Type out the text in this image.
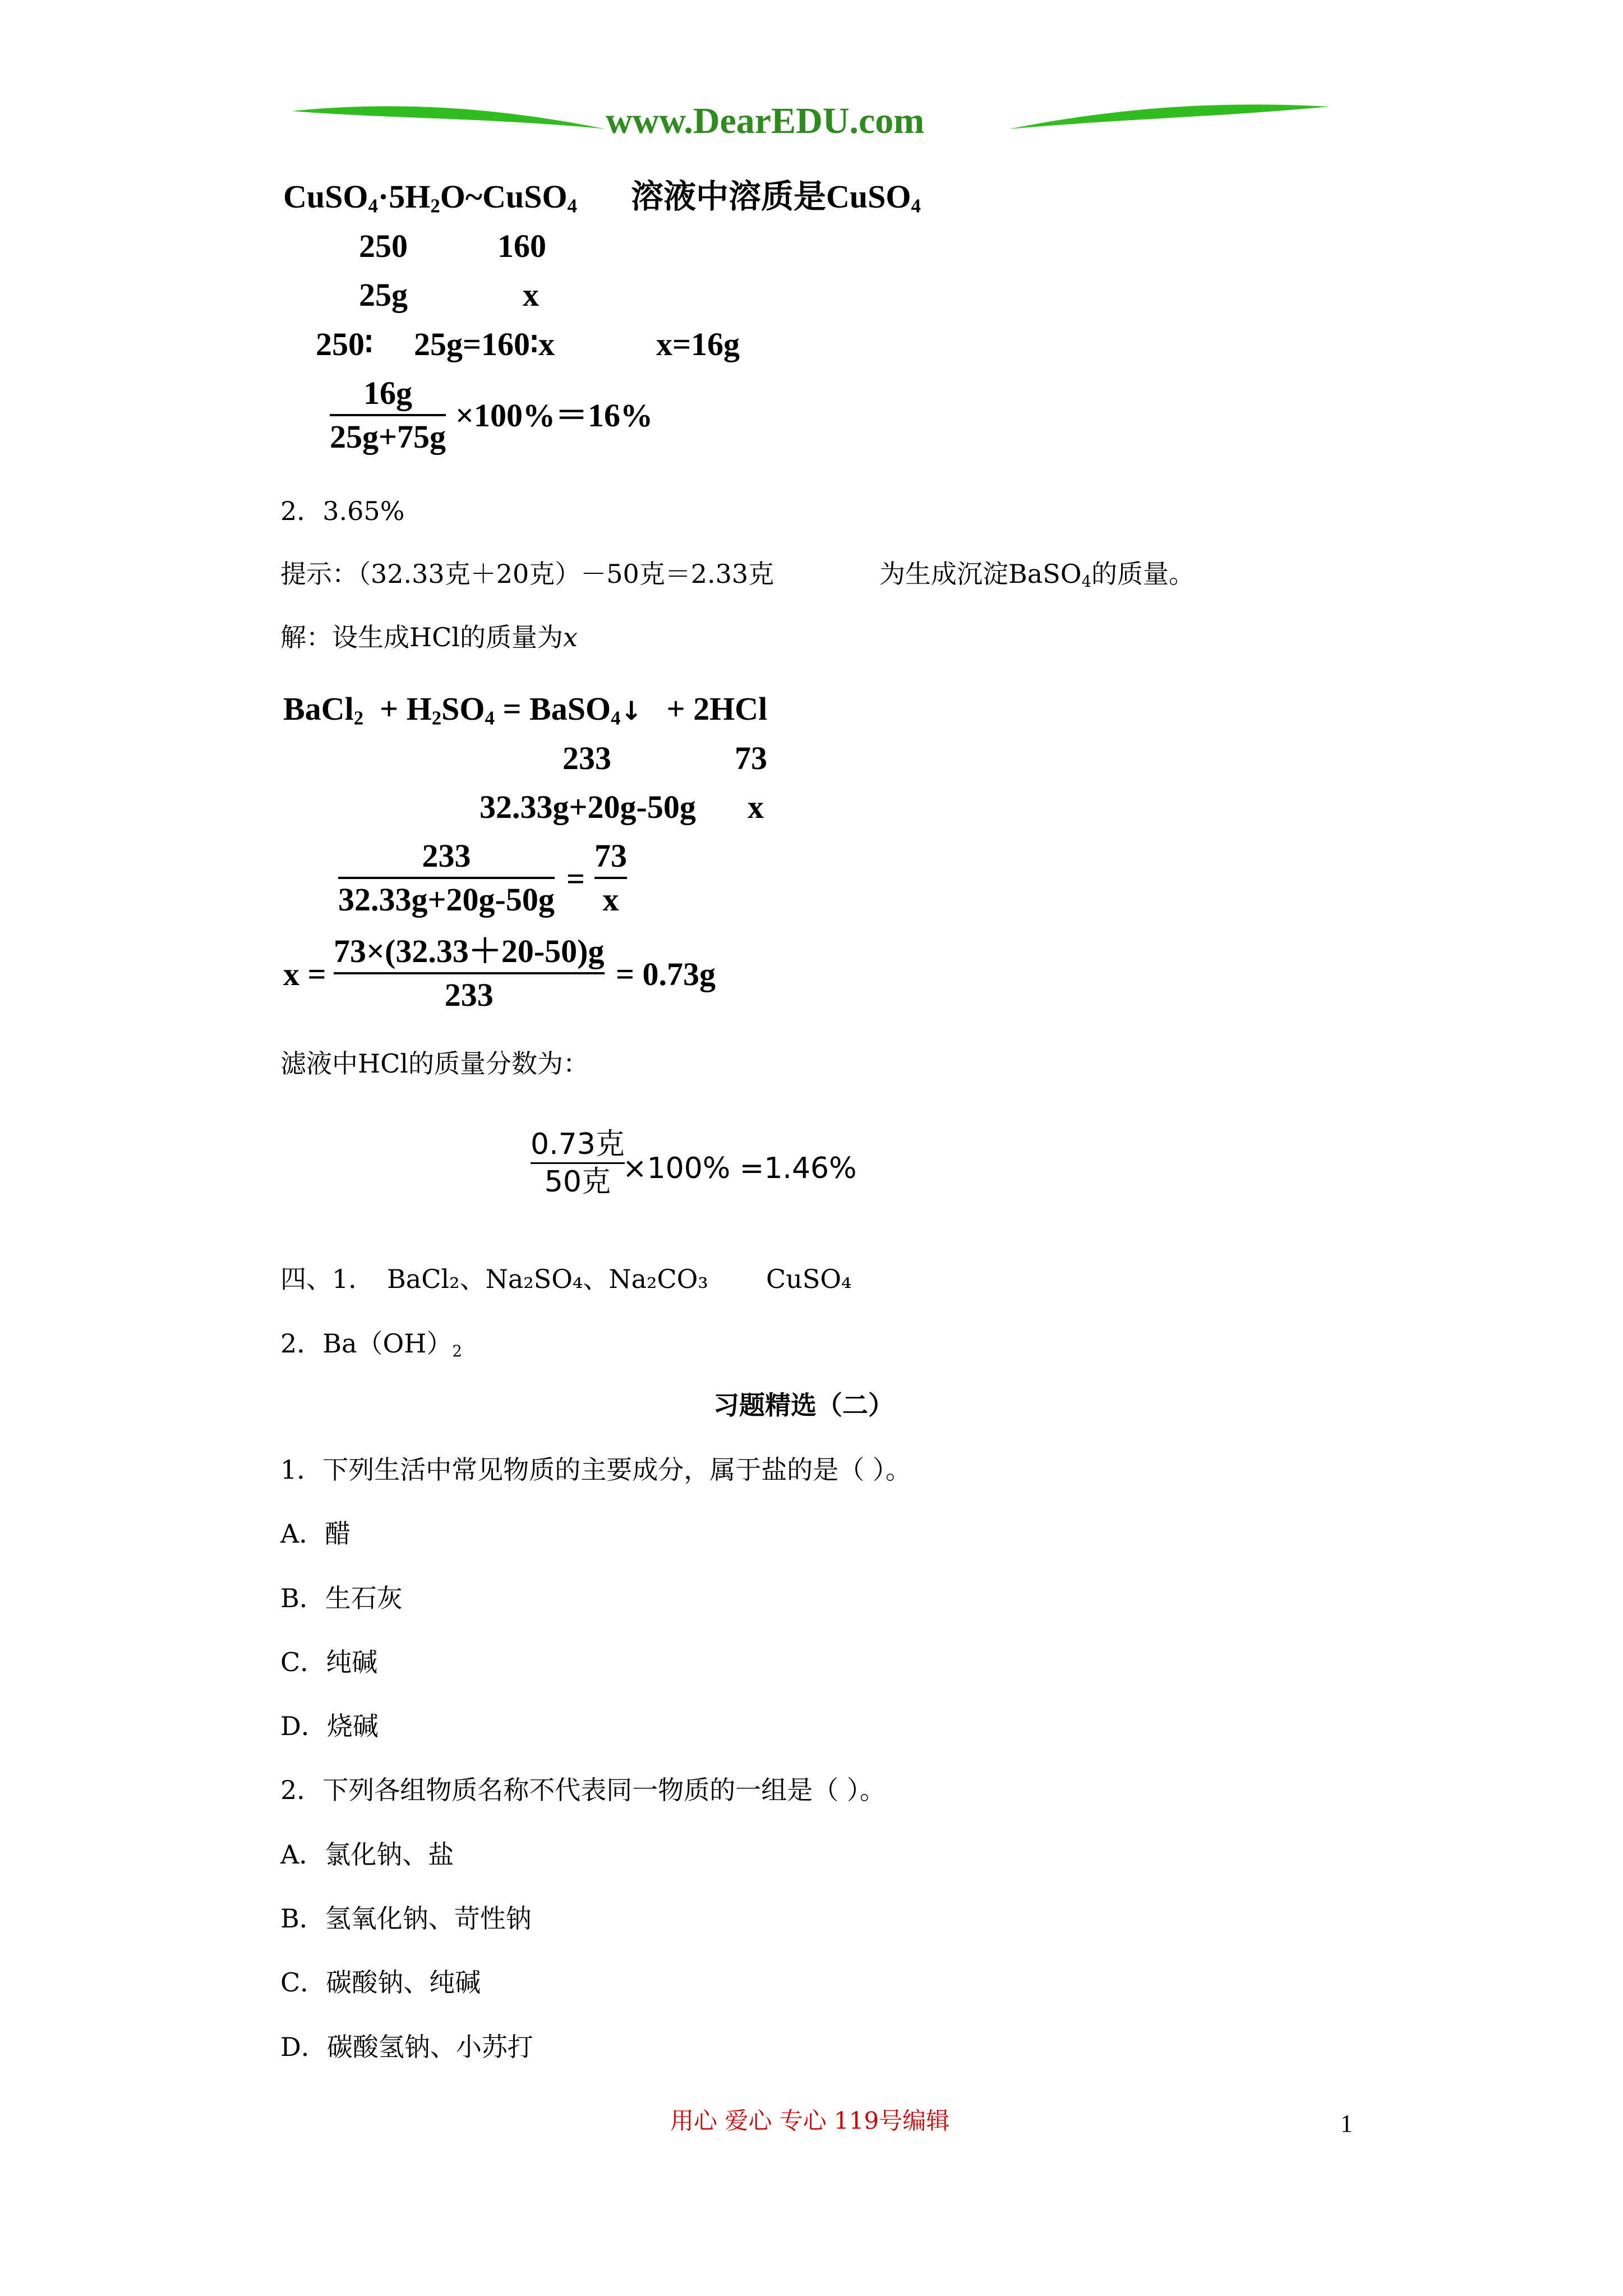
www.DearEDU.com
$CuSO_4\cdot 5H_2O\sim CuSO_4$ 溶液中溶质是CuSO$_4$
250	160
25g	x
250∶ 25g=160∶x	x=16g
16g
25g+75g
×100%＝16%
2．3.65%
提示：（32.33克＋20克）－50克＝2.33克	为生成沉淀BaSO$_4$的质量。
解：设生成HCl的质量为x
BaCl$_2$ + $H_2SO_4$ = BaSO$_4$↓ + 2HCl
233	73
32.33g+20g-50g x
233
32.33g+20g-50g
=
73
x
x =
73×(32.33＋20-50)g
233
= 0.73g
滤液中HCl的质量分数为：
0.73克
50克 ×100% =1.46%
四、1． BaCl₂、Na₂SO₄、Na₂CO₃ CuSO₄
2．$Ba(OH)_2$
习题精选（二）
1．下列生活中常见物质的主要成分，属于盐的是（ ）。
A．醋
B．生石灰
C．纯碱
D．烧碱
2．下列各组物质名称不代表同一物质的一组是（ ）。
A．氯化钠、盐
B．氢氧化钠、苛性钠
C．碳酸钠、纯碱
D．碳酸氢钠、小苏打
用心 爱心 专心 119号编辑	1
